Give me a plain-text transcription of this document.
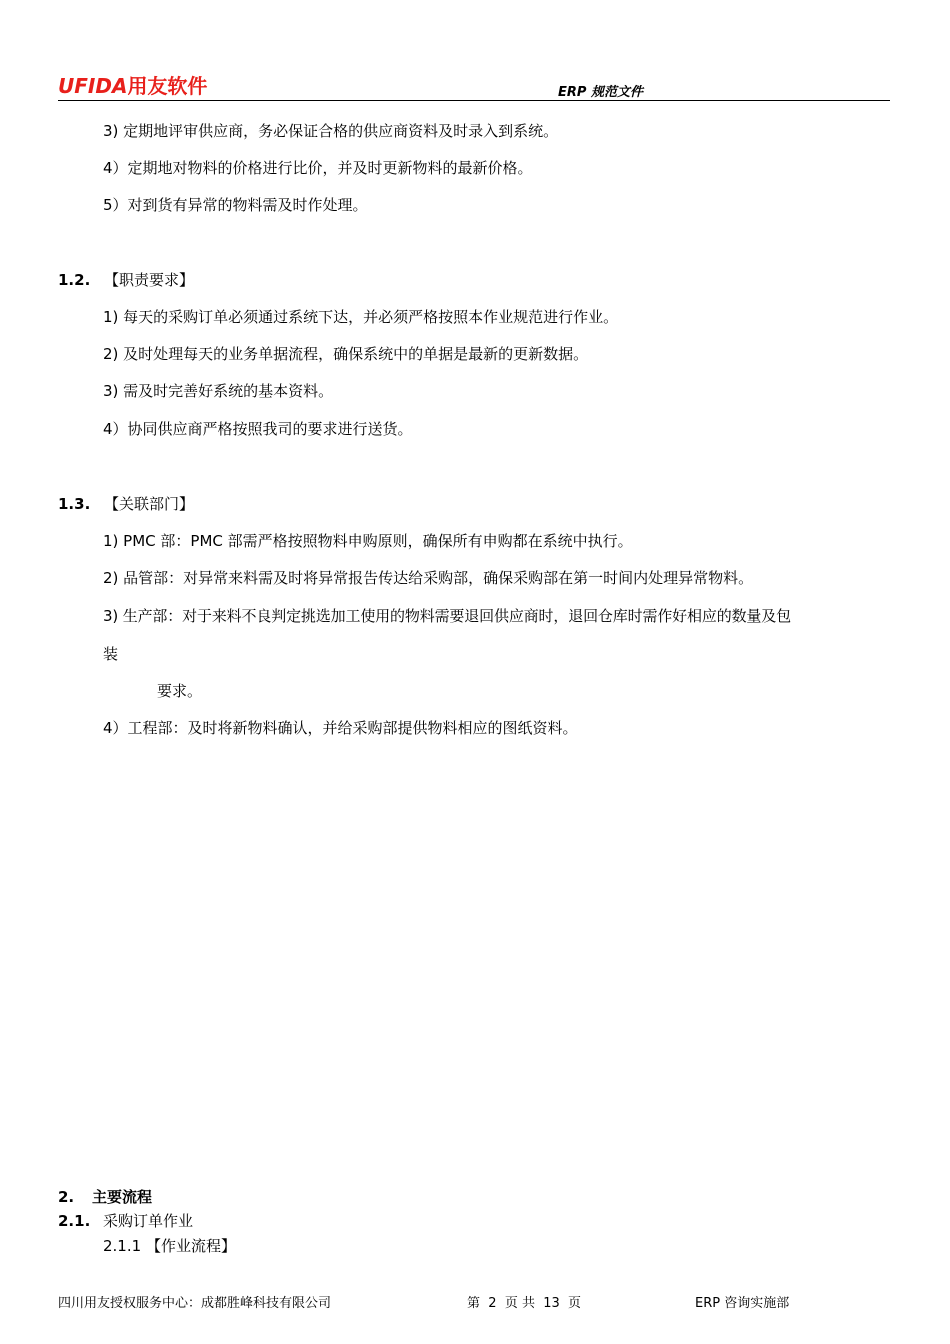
UFIDA用友软件	ERP 规范文件
3) 定期地评审供应商，务必保证合格的供应商资料及时录入到系统。
4）定期地对物料的价格进行比价，并及时更新物料的最新价格。
5）对到货有异常的物料需及时作处理。
1.2. 【职责要求】
1) 每天的采购订单必须通过系统下达，并必须严格按照本作业规范进行作业。
2) 及时处理每天的业务单据流程，确保系统中的单据是最新的更新数据。
3) 需及时完善好系统的基本资料。
4）协同供应商严格按照我司的要求进行送货。
1.3. 【关联部门】
1) PMC 部：PMC 部需严格按照物料申购原则，确保所有申购都在系统中执行。
2) 品管部：对异常来料需及时将异常报告传达给采购部，确保采购部在第一时间内处理异常物料。
3) 生产部：对于来料不良判定挑选加工使用的物料需要退回供应商时，退回仓库时需作好相应的数量及包
装
要求。
4）工程部：及时将新物料确认，并给采购部提供物料相应的图纸资料。
2. 主要流程
2.1. 采购订单作业
2.1.1 【作业流程】
四川用友授权服务中心：成都胜峰科技有限公司	第 2 页 共 13 页	ERP 咨询实施部
